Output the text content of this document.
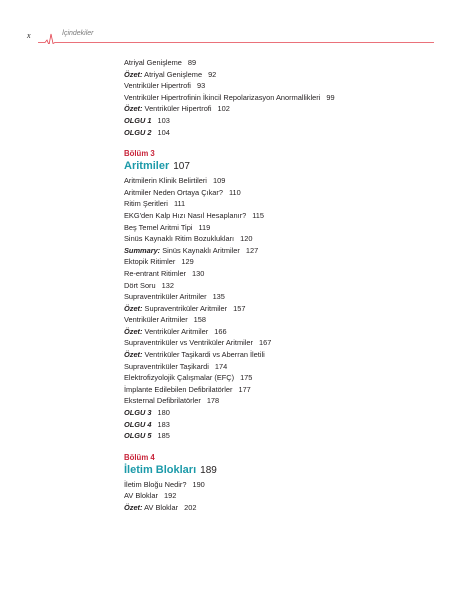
x	İçindekiler
Atriyal Genişleme 89
Özet: Atriyal Genişleme 92
Ventriküler Hipertrofi 93
Ventriküler Hipertrofinin İkincil Repolarizasyon Anormallikleri 99
Özet: Ventriküler Hipertrofi 102
OLGU 1 103
OLGU 2 104
Bölüm 3
Aritmiler 107
Aritmilerin Klinik Belirtileri 109
Aritmiler Neden Ortaya Çıkar? 110
Ritim Şeritleri 111
EKG'den Kalp Hızı Nasıl Hesaplanır? 115
Beş Temel Aritmi Tipi 119
Sinüs Kaynaklı Ritim Bozuklukları 120
Summary: Sinüs Kaynaklı Aritmiler 127
Ektopik Ritimler 129
Re-entrant Ritimler 130
Dört Soru 132
Supraventriküler Aritmiler 135
Özet: Supraventriküler Aritmiler 157
Ventriküler Aritmiler 158
Özet: Ventriküler Aritmiler 166
Supraventriküler vs Ventriküler Aritmiler 167
Özet: Ventriküler Taşikardi vs Aberran İletili
Supraventriküler Taşikardi 174
Elektrofizyolojik Çalışmalar (EFÇ) 175
İmplante Edilebilen Defibrilatörler 177
Eksternal Defibrilatörler 178
OLGU 3 180
OLGU 4 183
OLGU 5 185
Bölüm 4
İletim Blokları 189
İletim Bloğu Nedir? 190
AV Bloklar 192
Özet: AV Bloklar 202
